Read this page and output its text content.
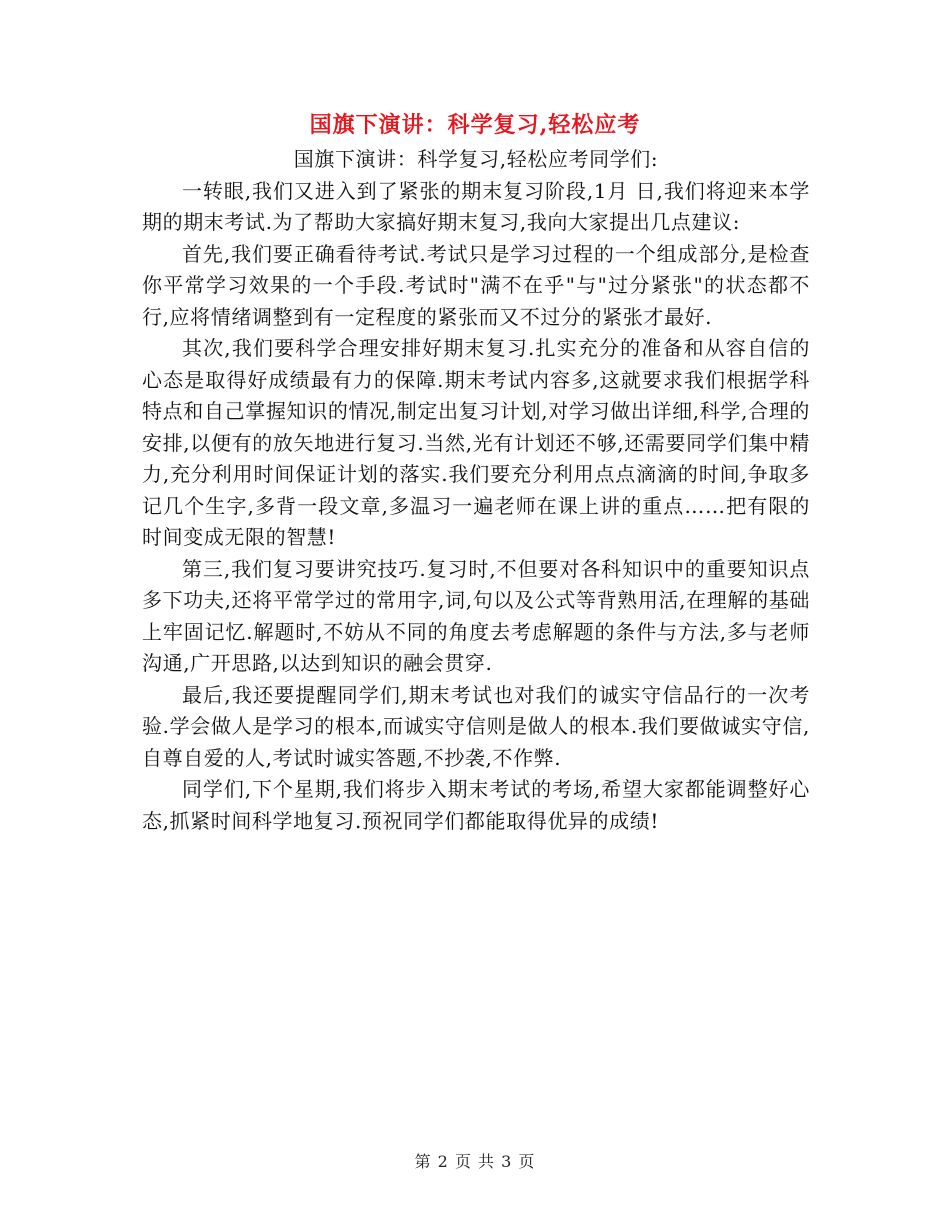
国旗下演讲：科学复习,轻松应考

国旗下演讲：科学复习,轻松应考同学们:

一转眼,我们又进入到了紧张的期末复习阶段,1月 日,我们将迎来本学期的期末考试.为了帮助大家搞好期末复习,我向大家提出几点建议:

首先,我们要正确看待考试.考试只是学习过程的一个组成部分,是检查你平常学习效果的一个手段.考试时"满不在乎"与"过分紧张"的状态都不行,应将情绪调整到有一定程度的紧张而又不过分的紧张才最好.

其次,我们要科学合理安排好期末复习.扎实充分的准备和从容自信的心态是取得好成绩最有力的保障.期末考试内容多,这就要求我们根据学科特点和自己掌握知识的情况,制定出复习计划,对学习做出详细,科学,合理的安排,以便有的放矢地进行复习.当然,光有计划还不够,还需要同学们集中精力,充分利用时间保证计划的落实.我们要充分利用点点滴滴的时间,争取多记几个生字,多背一段文章,多温习一遍老师在课上讲的重点……把有限的时间变成无限的智慧!

第三,我们复习要讲究技巧.复习时,不但要对各科知识中的重要知识点多下功夫,还将平常学过的常用字,词,句以及公式等背熟用活,在理解的基础上牢固记忆.解题时,不妨从不同的角度去考虑解题的条件与方法,多与老师沟通,广开思路,以达到知识的融会贯穿.

最后,我还要提醒同学们,期末考试也对我们的诚实守信品行的一次考验.学会做人是学习的根本,而诚实守信则是做人的根本.我们要做诚实守信,自尊自爱的人,考试时诚实答题,不抄袭,不作弊.

同学们,下个星期,我们将步入期末考试的考场,希望大家都能调整好心态,抓紧时间科学地复习.预祝同学们都能取得优异的成绩!

第 2 页 共 3 页
